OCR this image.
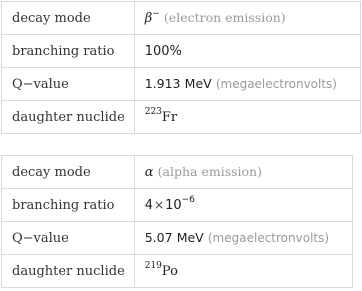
decay mode	β− (electron emission)
branching ratio	100%
Q−value	1.913 MeV (megaelectronvolts)
daughter nuclide	$^{223}$Fr
decay mode	α (alpha emission)
branching ratio	$4\times 10^{-6}$
Q−value	5.07 MeV (megaelectronvolts)
daughter nuclide	$^{219}$Po
